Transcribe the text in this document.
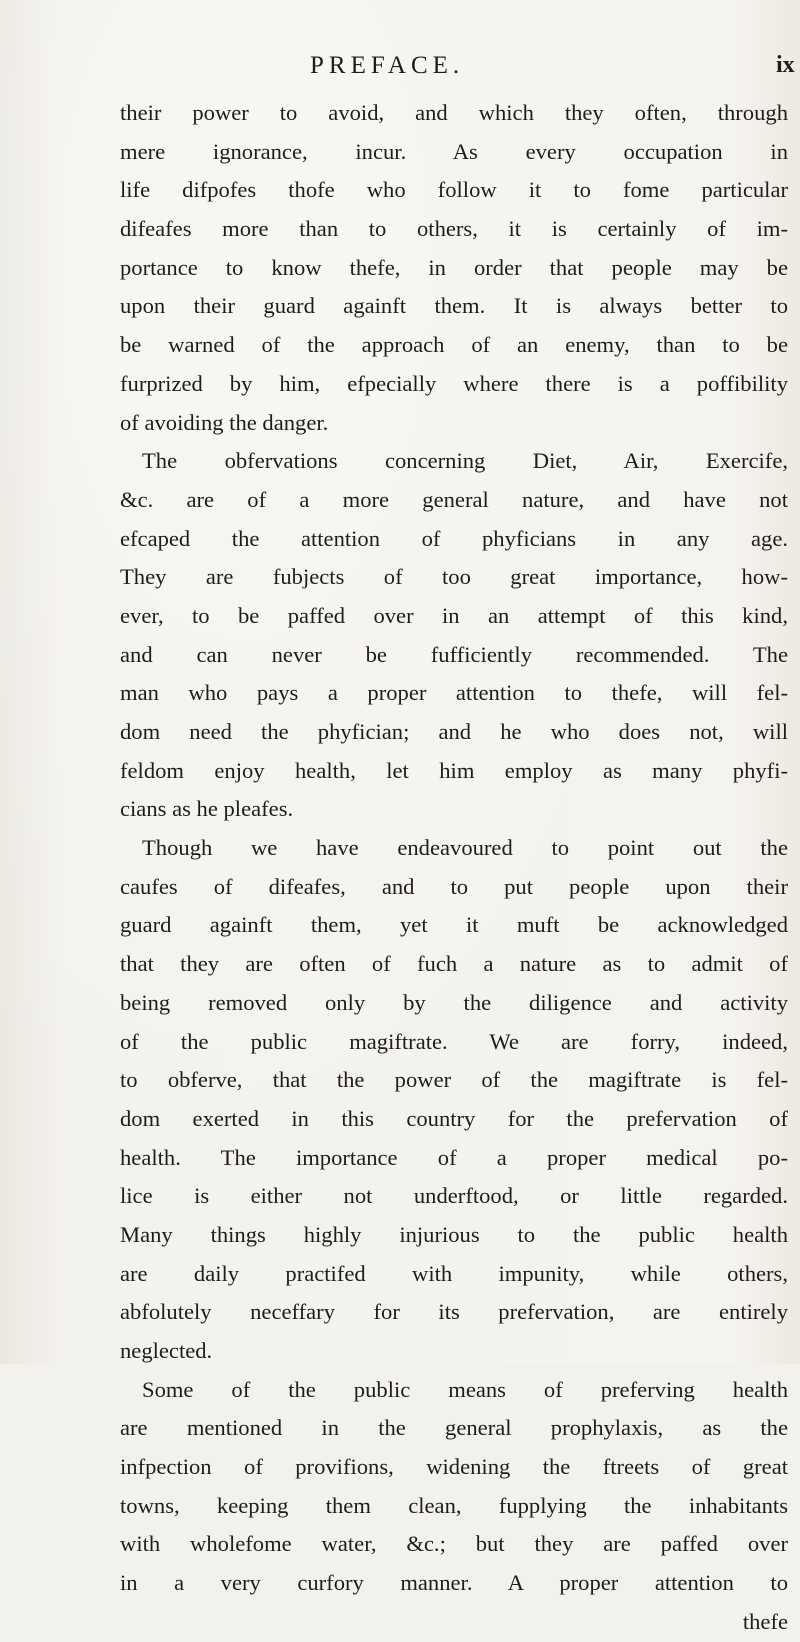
PREFACE.	ix
their power to avoid, and which they often, through
mere ignorance, incur. As every occupation in
life difpofes thofe who follow it to fome particular
difeafes more than to others, it is certainly of im-
portance to know thefe, in order that people may be
upon their guard againft them. It is always better to
be warned of the approach of an enemy, than to be
furprized by him, efpecially where there is a poffibility
of avoiding the danger.
The obfervations concerning Diet, Air, Exercife,
&c. are of a more general nature, and have not
efcaped the attention of phyficians in any age.
They are fubjects of too great importance, how-
ever, to be paffed over in an attempt of this kind,
and can never be fufficiently recommended. The
man who pays a proper attention to thefe, will fel-
dom need the phyfician; and he who does not, will
feldom enjoy health, let him employ as many phyfi-
cians as he pleafes.
Though we have endeavoured to point out the
caufes of difeafes, and to put people upon their
guard againft them, yet it muft be acknowledged
that they are often of fuch a nature as to admit of
being removed only by the diligence and activity
of the public magiftrate. We are forry, indeed,
to obferve, that the power of the magiftrate is fel-
dom exerted in this country for the prefervation of
health. The importance of a proper medical po-
lice is either not underftood, or little regarded.
Many things highly injurious to the public health
are daily practifed with impunity, while others,
abfolutely neceffary for its prefervation, are entirely
neglected.
Some of the public means of preferving health
are mentioned in the general prophylaxis, as the
infpection of provifions, widening the ftreets of great
towns, keeping them clean, fupplying the inhabitants
with wholefome water, &c.; but they are paffed over
in a very curfory manner. A proper attention to
thefe
